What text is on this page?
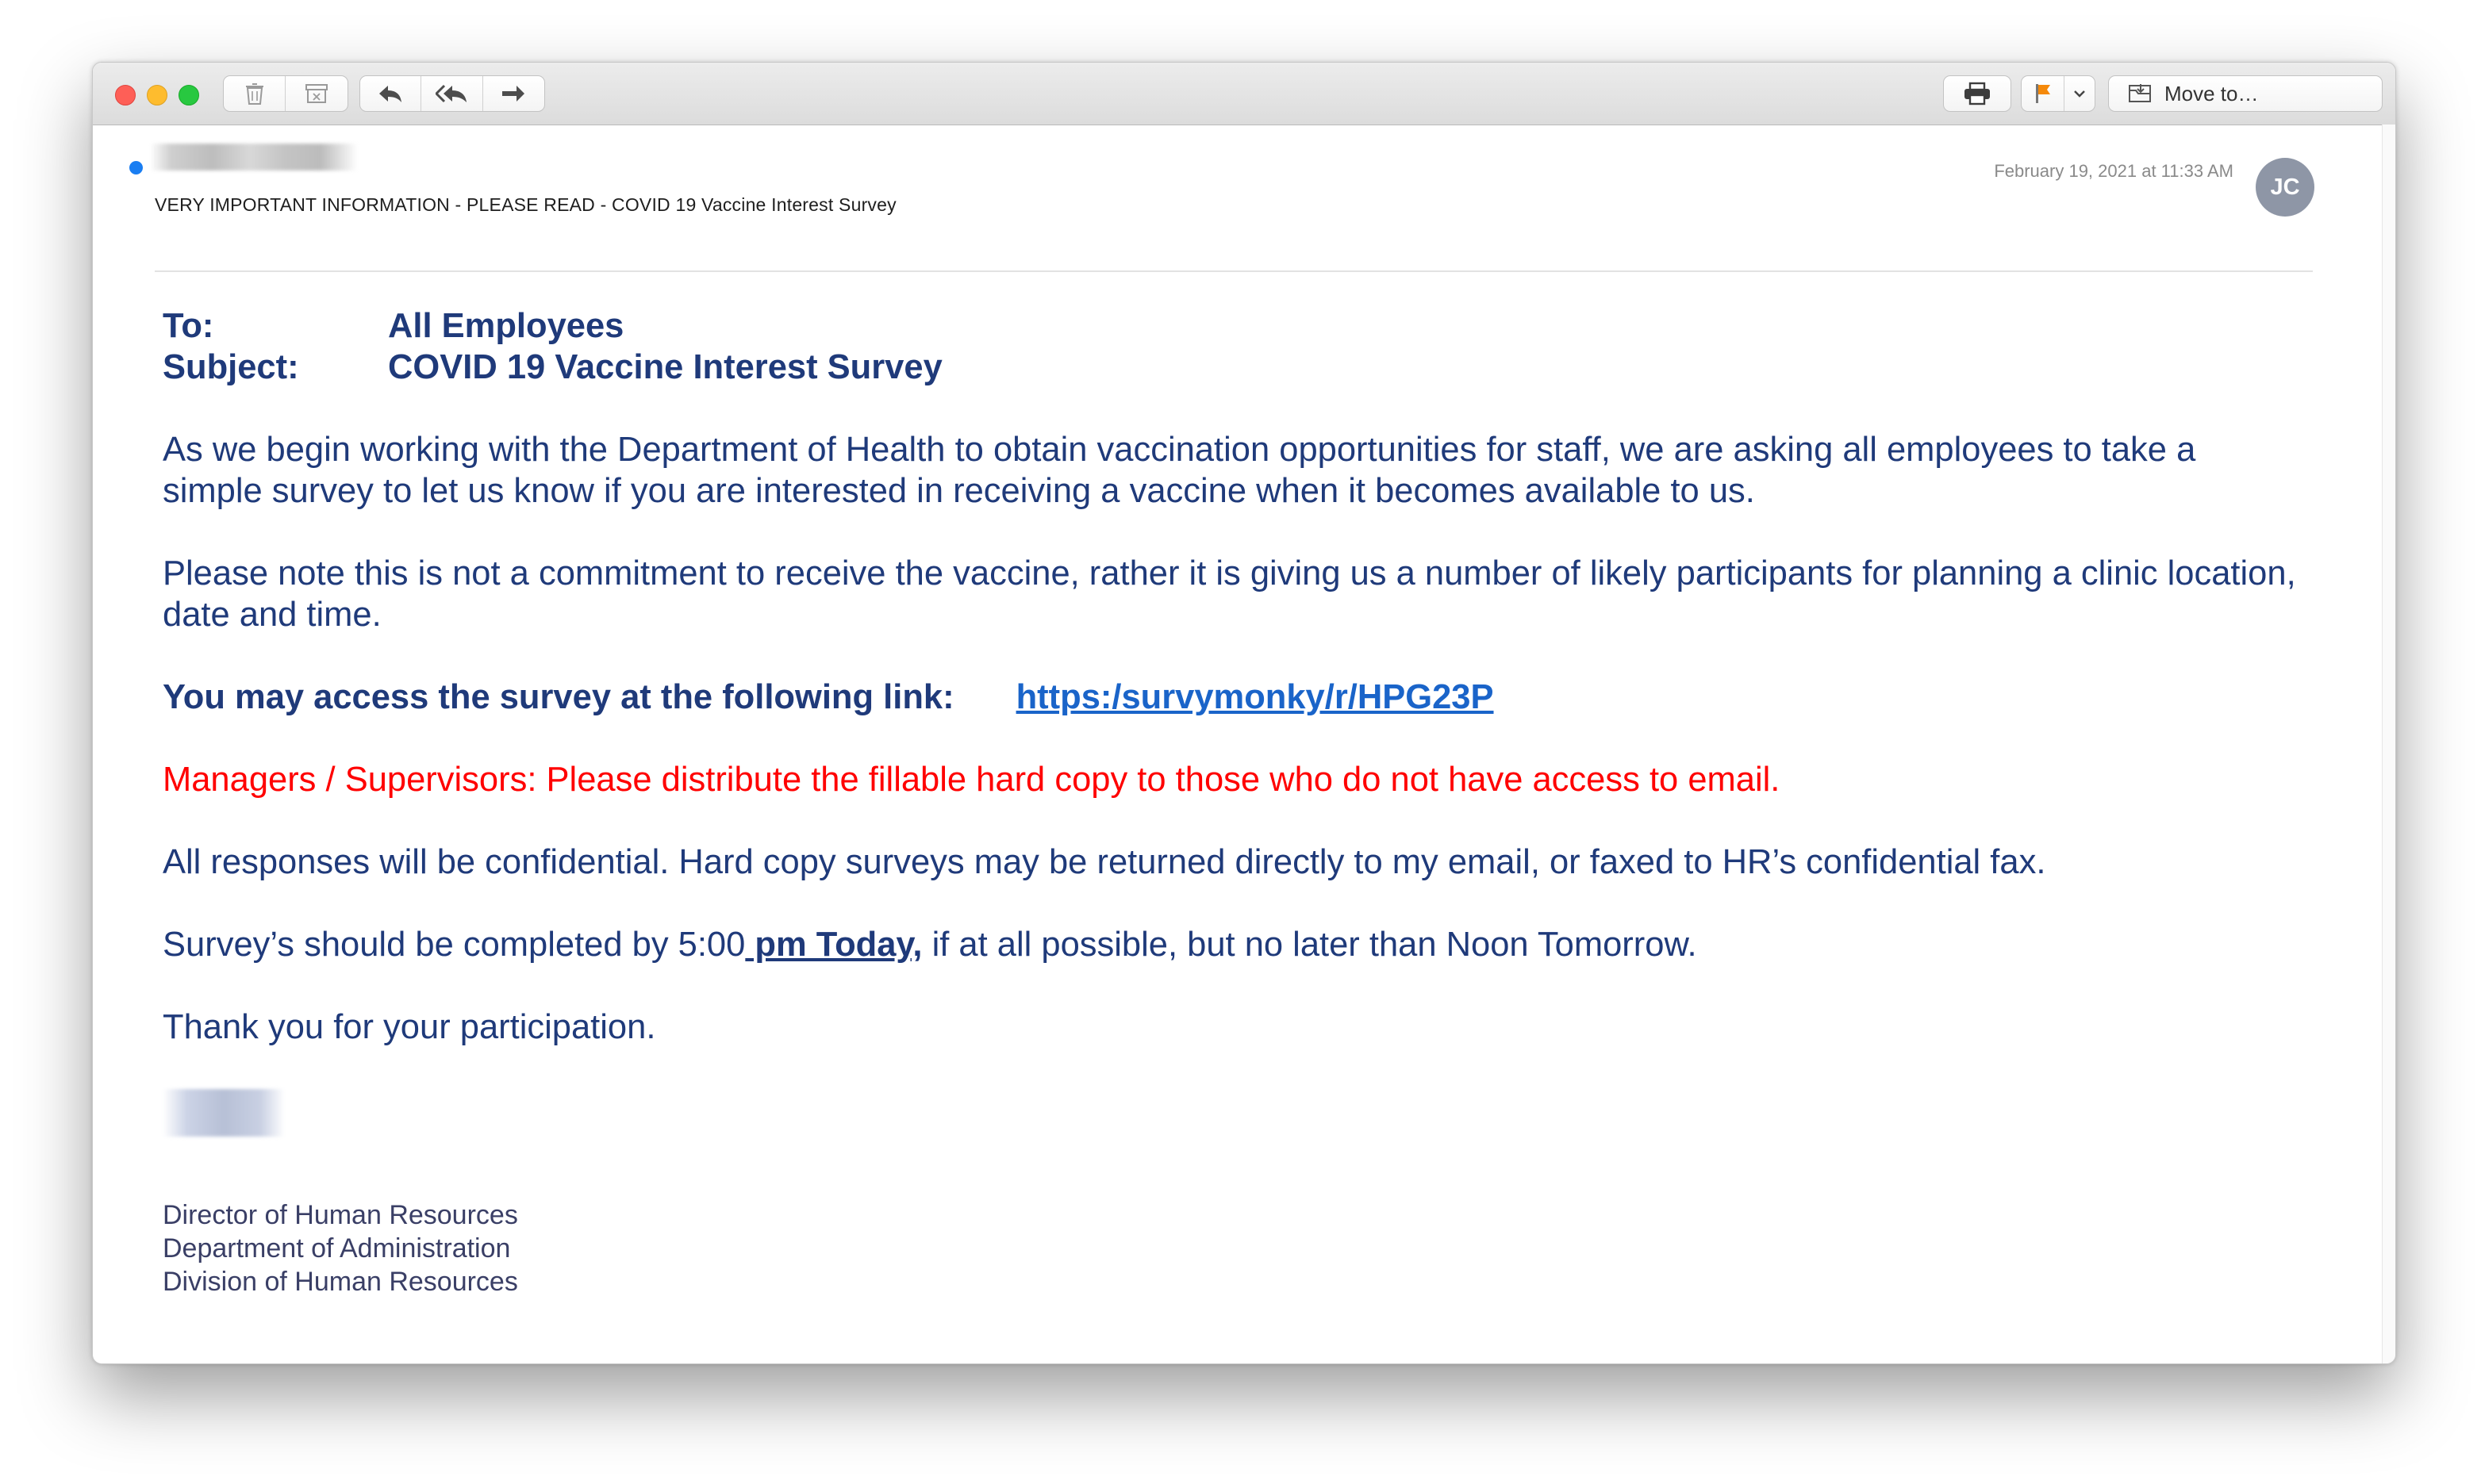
Move to…
VERY IMPORTANT INFORMATION - PLEASE READ - COVID 19 Vaccine Interest Survey
February 19, 2021 at 11:33 AM
JC
To:	All Employees
Subject:	COVID 19 Vaccine Interest Survey

As we begin working with the Department of Health to obtain vaccination opportunities for staff, we are asking all employees to take a simple survey to let us know if you are interested in receiving a vaccine when it becomes available to us.

Please note this is not a commitment to receive the vaccine, rather it is giving us a number of likely participants for planning a clinic location, date and time.

You may access the survey at the following link: https:/survymonky/r/HPG23P

Managers / Supervisors: Please distribute the fillable hard copy to those who do not have access to email.

All responses will be confidential. Hard copy surveys may be returned directly to my email, or faxed to HR’s confidential fax.

Survey’s should be completed by 5:00 pm Today, if at all possible, but no later than Noon Tomorrow.

Thank you for your participation.

Director of Human Resources
Department of Administration
Division of Human Resources
